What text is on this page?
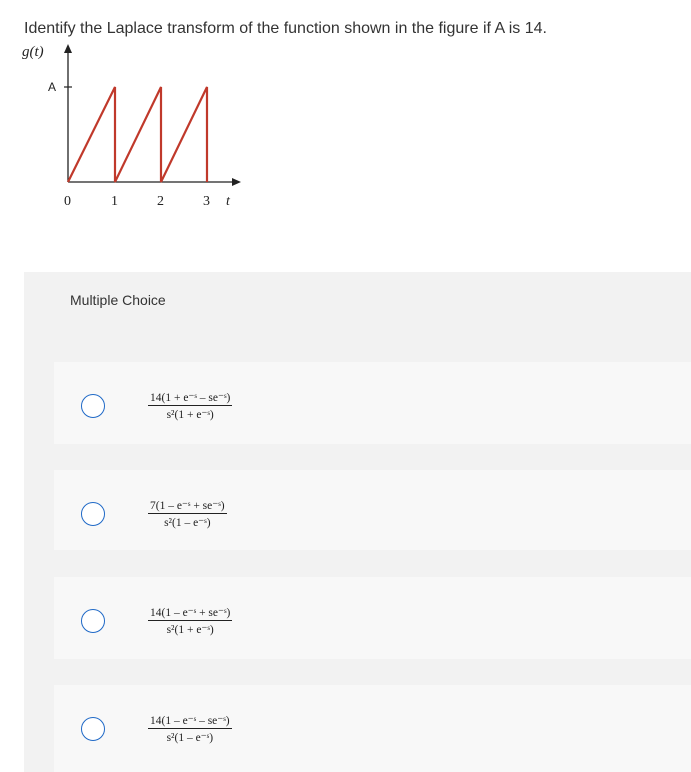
Identify the Laplace transform of the function shown in the figure if A is 14.
g(t)
A
0	1	2	3 t
Multiple Choice
$\frac{\text{14(1 + e⁻ˢ – se⁻ˢ)}}{\text{s²(1 + e⁻ˢ)}}$
$\frac{\text{7(1 – e⁻ˢ + se⁻ˢ)}}{\text{s²(1 – e⁻ˢ)}}$
$\frac{\text{14(1 – e⁻ˢ + se⁻ˢ)}}{\text{s²(1 + e⁻ˢ)}}$
$\frac{\text{14(1 – e⁻ˢ – se⁻ˢ)}}{\text{s²(1 – e⁻ˢ)}}$
